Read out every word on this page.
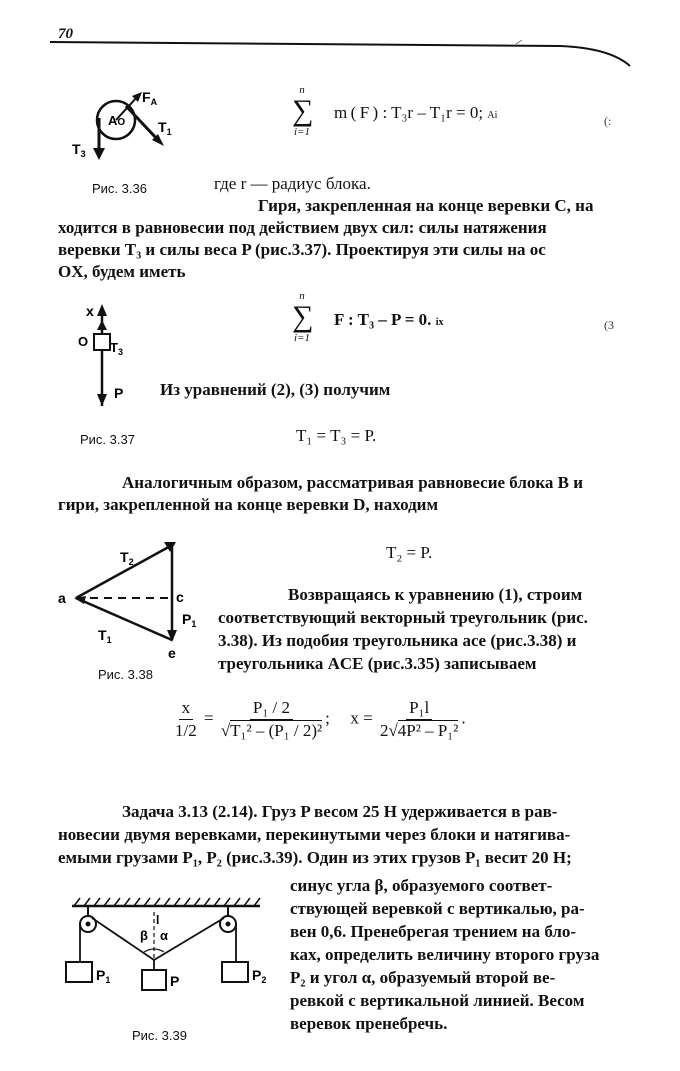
70
AO
$F_A$
$T_1$
$T_3$
Рис. 3.36
n
∑
i=1
m ( F ) : T₃r – T₁r = 0; Ai	(:
где r — радиус блока.
Гиря, закрепленная на конце веревки С, на
ходится в равновесии под действием двух сил: силы натяжения
веревки T₃ и силы веса P (рис.3.37). Проектируя эти силы на ос
ОX, будем иметь
x
$T_3$
O
P
Рис. 3.37
n
∑
i=1
F : T₃ – P = 0. ix	(3
Из уравнений (2), (3) получим
T₁ = T₃ = P.
Аналогичным образом, рассматривая равновесие блока B и
гири, закрепленной на конце веревки D, находим
$T_2$
a	c
$P_1$
$T_1$
e
Рис. 3.38
T₂ = P.
Возвращаясь к уравнению (1), строим
соответствующий векторный треугольник (рис.
3.38). Из подобия треугольника ace (рис.3.38) и
треугольника ACE (рис.3.35) записываем
$\frac{x}{1/2} = \frac{\text{P₁ / 2}}{\text{√T₁² – (P₁ / 2)²}}$ ; $x = \frac{\text{P₁l}}{\text{2√4P² – P₁²}}$ .
Задача 3.13 (2.14). Груз P весом 25 Н удерживается в рав-
новесии двумя веревками, перекинутыми через блоки и натягива-
емыми грузами P₁, P₂ (рис.3.39). Один из этих грузов P₁ весит 20 Н;
синус угла β, образуемого соответ-
ствующей веревкой с вертикалью, ра-
вен 0,6. Пренебрегая трением на бло-
ках, определить величину второго груза
P₂ и угол α, образуемый второй ве-
ревкой с вертикальной линией. Весом
веревок пренебречь.
β α
l
$P_1$	P	$P_2$
Рис. 3.39
